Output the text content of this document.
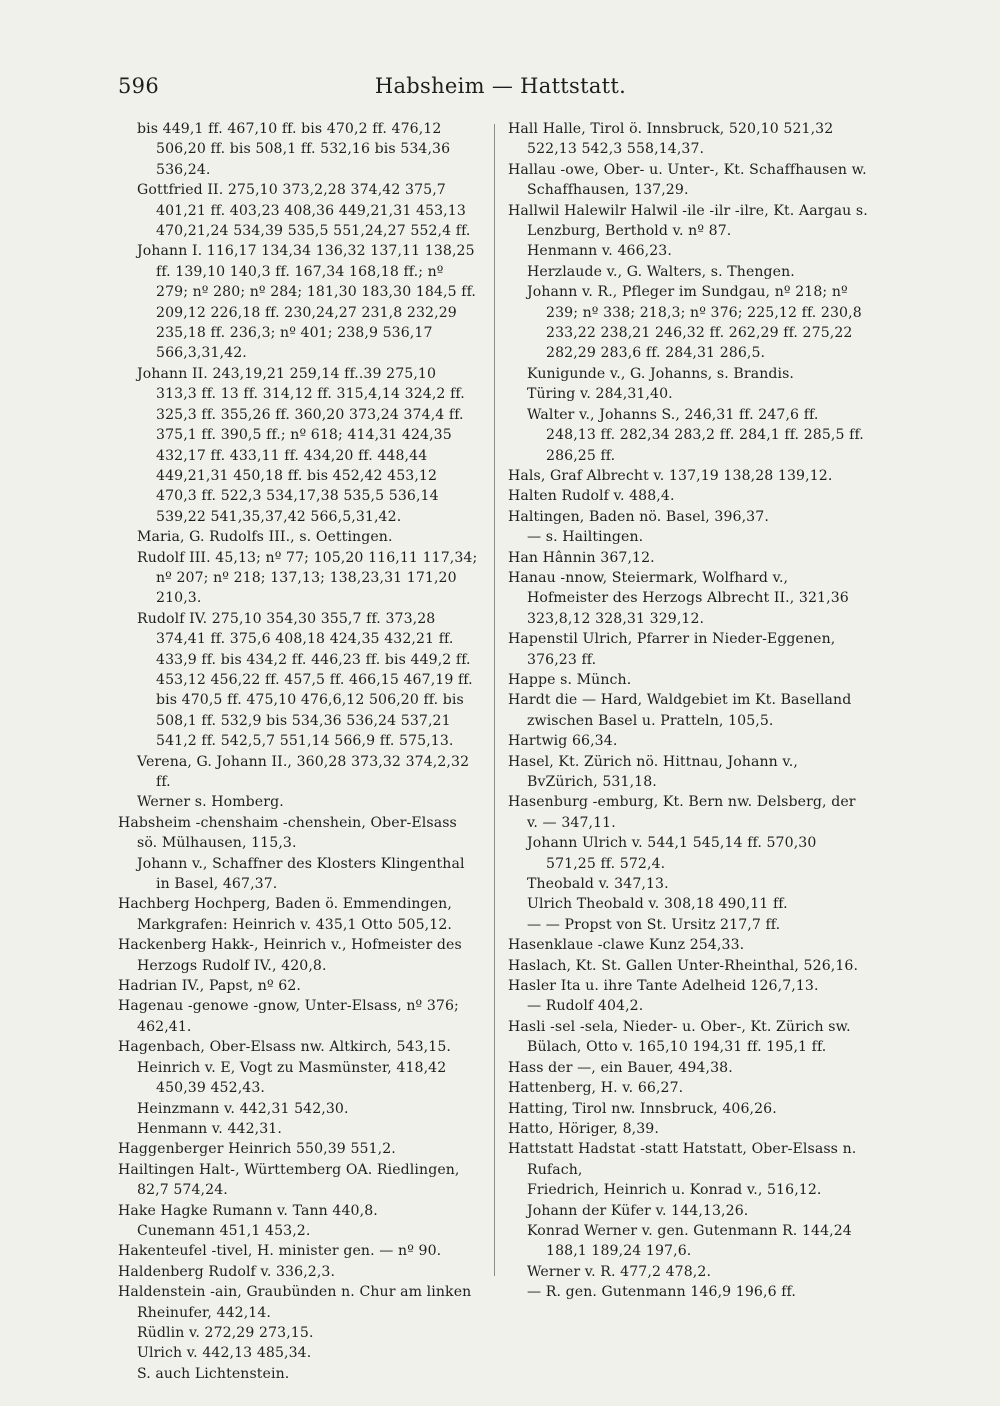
596	Habsheim — Hattstatt.
bis 449,1 ff. 467,10 ff. bis 470,2 ff. 476,12 506,20 ff. bis 508,1 ff. 532,16 bis 534,36 536,24.
Gottfried II. 275,10 373,2,28 374,42 375,7 401,21 ff. 403,23 408,36 449,21,31 453,13 470,21,24 534,39 535,5 551,24,27 552,4 ff.
Johann I. 116,17 134,34 136,32 137,11 138,25 ff. 139,10 140,3 ff. 167,34 168,18 ff.; nº 279; nº 280; nº 284; 181,30 183,30 184,5 ff. 209,12 226,18 ff. 230,24,27 231,8 232,29 235,18 ff. 236,3; nº 401; 238,9 536,17 566,3,31,42.
Johann II. 243,19,21 259,14 ff..39 275,10 313,3 ff. 13 ff. 314,12 ff. 315,4,14 324,2 ff. 325,3 ff. 355,26 ff. 360,20 373,24 374,4 ff. 375,1 ff. 390,5 ff.; nº 618; 414,31 424,35 432,17 ff. 433,11 ff. 434,20 ff. 448,44 449,21,31 450,18 ff. bis 452,42 453,12 470,3 ff. 522,3 534,17,38 535,5 536,14 539,22 541,35,37,42 566,5,31,42.
Maria, G. Rudolfs III., s. Oettingen.
Rudolf III. 45,13; nº 77; 105,20 116,11 117,34; nº 207; nº 218; 137,13; 138,23,31 171,20 210,3.
Rudolf IV. 275,10 354,30 355,7 ff. 373,28 374,41 ff. 375,6 408,18 424,35 432,21 ff. 433,9 ff. bis 434,2 ff. 446,23 ff. bis 449,2 ff. 453,12 456,22 ff. 457,5 ff. 466,15 467,19 ff. bis 470,5 ff. 475,10 476,6,12 506,20 ff. bis 508,1 ff. 532,9 bis 534,36 536,24 537,21 541,2 ff. 542,5,7 551,14 566,9 ff. 575,13.
Verena, G. Johann II., 360,28 373,32 374,2,32 ff.
Werner s. Homberg.
Habsheim -chenshaim -chenshein, Ober-Elsass sö. Mülhausen, 115,3.
Johann v., Schaffner des Klosters Klingenthal in Basel, 467,37.
Hachberg Hochperg, Baden ö. Emmendingen, Markgrafen: Heinrich v. 435,1 Otto 505,12.
Hackenberg Hakk-, Heinrich v., Hofmeister des Herzogs Rudolf IV., 420,8.
Hadrian IV., Papst, nº 62.
Hagenau -genowe -gnow, Unter-Elsass, nº 376; 462,41.
Hagenbach, Ober-Elsass nw. Altkirch, 543,15.
Heinrich v. E, Vogt zu Masmünster, 418,42 450,39 452,43.
Heinzmann v. 442,31 542,30.
Henmann v. 442,31.
Haggenberger Heinrich 550,39 551,2.
Hailtingen Halt-, Württemberg OA. Riedlingen, 82,7 574,24.
Hake Hagke Rumann v. Tann 440,8.
Cunemann 451,1 453,2.
Hakenteufel -tivel, H. minister gen. — nº 90.
Haldenberg Rudolf v. 336,2,3.
Haldenstein -ain, Graubünden n. Chur am linken Rheinufer, 442,14.
Rüdlin v. 272,29 273,15.
Ulrich v. 442,13 485,34.
S. auch Lichtenstein.
Hall Halle, Tirol ö. Innsbruck, 520,10 521,32 522,13 542,3 558,14,37.
Hallau -owe, Ober- u. Unter-, Kt. Schaffhausen w. Schaffhausen, 137,29.
Hallwil Halewilr Halwil -ile -ilr -ilre, Kt. Aargau s. Lenzburg, Berthold v. nº 87.
Henmann v. 466,23.
Herzlaude v., G. Walters, s. Thengen.
Johann v. R., Pfleger im Sundgau, nº 218; nº 239; nº 338; 218,3; nº 376; 225,12 ff. 230,8 233,22 238,21 246,32 ff. 262,29 ff. 275,22 282,29 283,6 ff. 284,31 286,5.
Kunigunde v., G. Johanns, s. Brandis.
Türing v. 284,31,40.
Walter v., Johanns S., 246,31 ff. 247,6 ff. 248,13 ff. 282,34 283,2 ff. 284,1 ff. 285,5 ff. 286,25 ff.
Hals, Graf Albrecht v. 137,19 138,28 139,12.
Halten Rudolf v. 488,4.
Haltingen, Baden nö. Basel, 396,37.
— s. Hailtingen.
Han Hânnin 367,12.
Hanau -nnow, Steiermark, Wolfhard v., Hofmeister des Herzogs Albrecht II., 321,36 323,8,12 328,31 329,12.
Hapenstil Ulrich, Pfarrer in Nieder-Eggenen, 376,23 ff.
Happe s. Münch.
Hardt die — Hard, Waldgebiet im Kt. Baselland zwischen Basel u. Pratteln, 105,5.
Hartwig 66,34.
Hasel, Kt. Zürich nö. Hittnau, Johann v., BvZürich, 531,18.
Hasenburg -emburg, Kt. Bern nw. Delsberg, der v. — 347,11.
Johann Ulrich v. 544,1 545,14 ff. 570,30 571,25 ff. 572,4.
Theobald v. 347,13.
Ulrich Theobald v. 308,18 490,11 ff.
— — Propst von St. Ursitz 217,7 ff.
Hasenklaue -clawe Kunz 254,33.
Haslach, Kt. St. Gallen Unter-Rheinthal, 526,16.
Hasler Ita u. ihre Tante Adelheid 126,7,13.
— Rudolf 404,2.
Hasli -sel -sela, Nieder- u. Ober-, Kt. Zürich sw. Bülach, Otto v. 165,10 194,31 ff. 195,1 ff.
Hass der —, ein Bauer, 494,38.
Hattenberg, H. v. 66,27.
Hatting, Tirol nw. Innsbruck, 406,26.
Hatto, Höriger, 8,39.
Hattstatt Hadstat -statt Hatstatt, Ober-Elsass n. Rufach,
Friedrich, Heinrich u. Konrad v., 516,12.
Johann der Küfer v. 144,13,26.
Konrad Werner v. gen. Gutenmann R. 144,24 188,1 189,24 197,6.
Werner v. R. 477,2 478,2.
— R. gen. Gutenmann 146,9 196,6 ff.
